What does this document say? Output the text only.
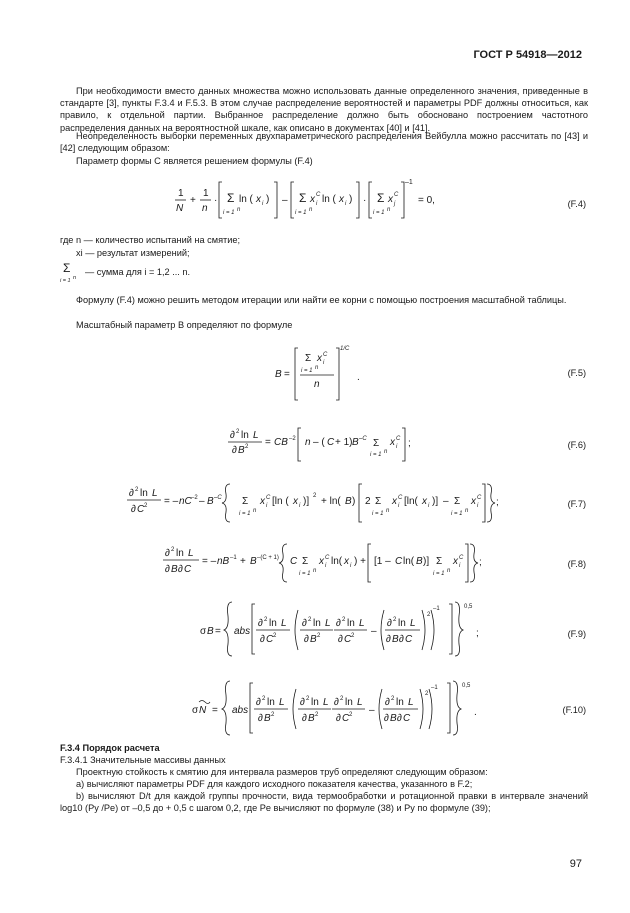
ГОСТ Р 54918—2012
При необходимости вместо данных множества можно использовать данные определенного значения, приведенные в стандарте [3], пункты F.3.4 и F.5.3. В этом случае распределение вероятностей и параметры PDF должны относиться, как правило, к отдельной партии. Выбранное распределение должно быть обосновано построением частотного распределения данных на вероятностной шкале, как описано в документах [40] и [41].
Неопределенность выборки переменных двухпараметрического распределения Вейбулла можно рассчитать по [43] и [42] следующим образом:
Параметр формы C является решением формулы (F.4)
1
N
+
1
n
· Σ ln ( x i )
i = 1 n
– Σ x C
i ln ( x i )
i = 1 n
· Σ x C
j
i = 1 n
–1
= 0,	(F.4)
где n — количество испытаний на смятие;
xi — результат измерений;
Σ
i = 1 n
— сумма для i = 1,2 ... n.
Формулу (F.4) можно решить методом итерации или найти ее корни с помощью построения масштабной таблицы.
Масштабный параметр B определяют по формуле
B =
Σ x C
i
i = 1 n
n
1/C
.	(F.5)
∂ 2 ln L
∂ B 2 = CB –2 n – ( C + 1) B –C Σ
i = 1 n
x C
i ;	(F.6)
∂ 2 ln L
∂ C 2 = – nC –2 – B –C Σ
i = 1 n
x C
i [ln ( x i )] 2 + ln( B ) 2 Σ
i = 1 n
x C
i [ln( x i )] – Σ
i = 1 n
x C
i ;	(F.7)
∂ 2 ln L
∂ B ∂ C
= – nB –1 + B –(C + 1) C Σ
i = 1 n
x C
i ln( x i ) + [1 – C ln( B )] Σ
i = 1 n
x C
i ;	(F.8)
σ B = abs
∂ 2 ln L
∂ C 2
∂ 2 ln L
∂ B 2
∂ 2 ln L
∂ C 2 –
∂ 2 ln L
∂ B ∂ C
2
–1	0,5
;	(F.9)
σ N = abs
∂ 2 ln L
∂ B 2
∂ 2 ln L
∂ B 2
∂ 2 ln L
∂ C 2 –
∂ 2 ln L
∂ B ∂ C
2
–1	0,5
.	(F.10)
F.3.4 Порядок расчета
F.3.4.1 Значительные массивы данных
Проектную стойкость к смятию для интервала размеров труб определяют следующим образом:
а) вычисляют параметры PDF для каждого исходного показателя качества, указанного в F.2;
b) вычисляют D/t для каждой группы прочности, вида термообработки и ротационной правки в интервале значений log10 (Py /Pe) от –0,5 до + 0,5 с шагом 0,2, где Pe вычисляют по формуле (38) и Py по формуле (39);
97
